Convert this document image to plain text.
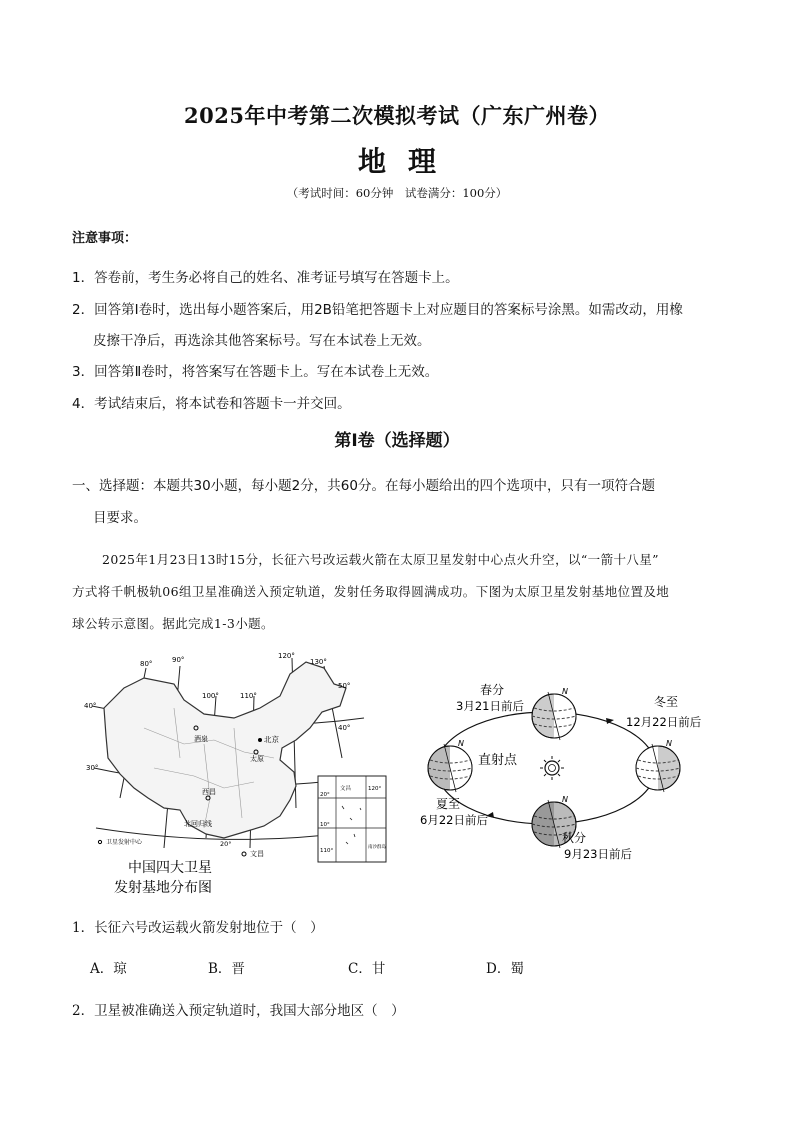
2025年中考第二次模拟考试（广东广州卷）
地理
（考试时间：60分钟　试卷满分：100分）
注意事项：
1．答卷前，考生务必将自己的姓名、准考证号填写在答题卡上。
2．回答第Ⅰ卷时，选出每小题答案后，用2B铅笔把答题卡上对应题目的答案标号涂黑。如需改动，用橡
皮擦干净后，再选涂其他答案标号。写在本试卷上无效。
3．回答第Ⅱ卷时，将答案写在答题卡上。写在本试卷上无效。
4．考试结束后，将本试卷和答题卡一并交回。
第Ⅰ卷（选择题）
一、选择题：本题共30小题，每小题2分，共60分。在每小题给出的四个选项中，只有一项符合题
目要求。
2025年1月23日13时15分，长征六号改运载火箭在太原卫星发射中心点火升空，以“一箭十八星”
方式将千帆极轨06组卫星准确送入预定轨道，发射任务取得圆满成功。下图为太原卫星发射基地位置及地
球公转示意图。据此完成1-3小题。
80°	90°
100°	110°
120°
130°
40°
30°
50°
40°
北京
酒泉
太原
西昌
文昌
北回归线
20°
卫星发射中心
110°
120°
20°
10°
文昌
南沙群岛
中国四大卫星
发射基地分布图
直射点
N
春分
3月21日前后
N
冬至
12月22日前后
N
夏至
6月22日前后
N
秋分
9月23日前后
1．长征六号改运载火箭发射地位于（　）
A．琼	B．晋	C．甘	D．蜀
2．卫星被准确送入预定轨道时，我国大部分地区（　）
